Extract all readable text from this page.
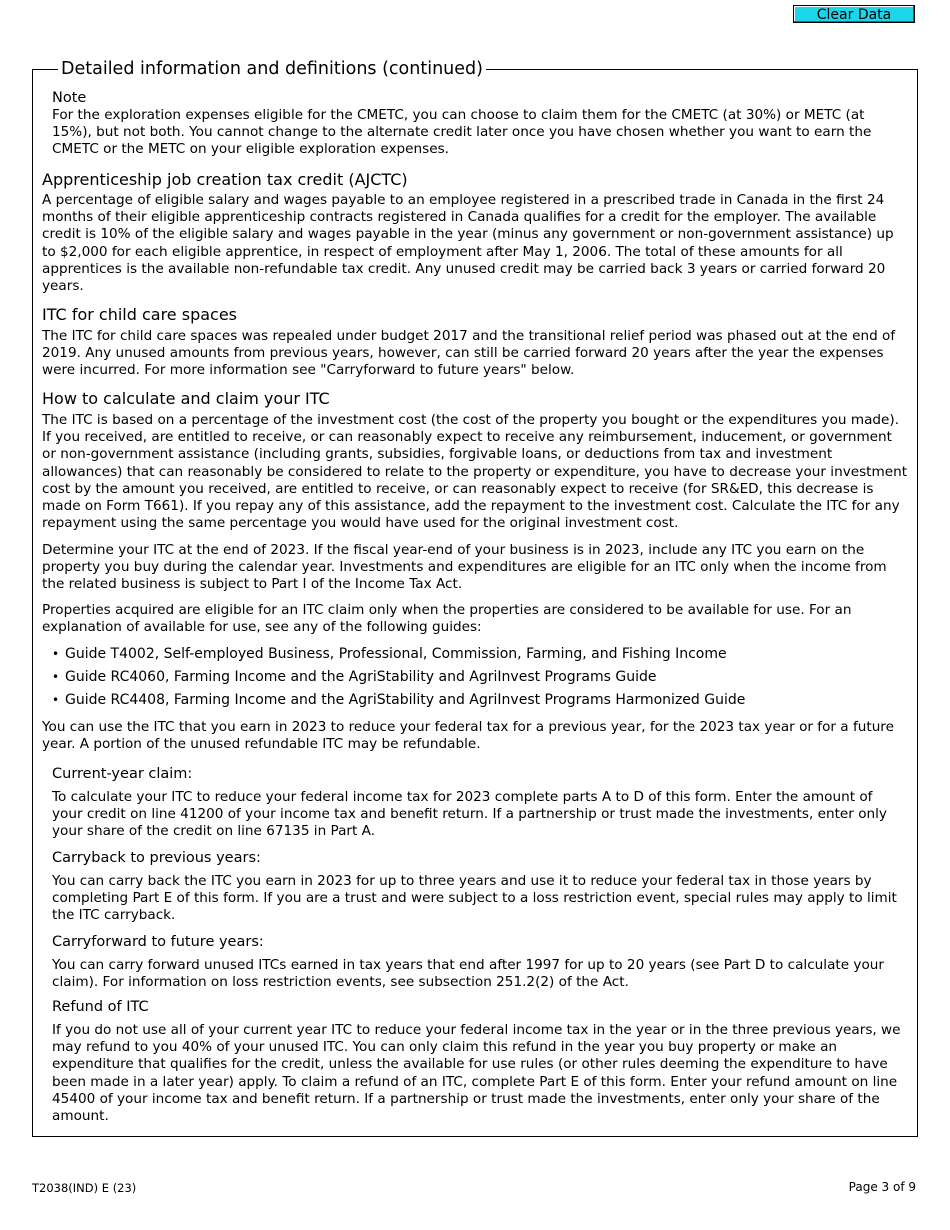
Clear Data
Detailed information and definitions (continued)
Note

For the exploration expenses eligible for the CMETC, you can choose to claim them for the CMETC (at 30%) or METC (at 15%), but not both. You cannot change to the alternate credit later once you have chosen whether you want to earn the CMETC or the METC on your eligible exploration expenses.

Apprenticeship job creation tax credit (AJCTC)

A percentage of eligible salary and wages payable to an employee registered in a prescribed trade in Canada in the first 24 months of their eligible apprenticeship contracts registered in Canada qualifies for a credit for the employer. The available credit is 10% of the eligible salary and wages payable in the year (minus any government or non-government assistance) up to $2,000 for each eligible apprentice, in respect of employment after May 1, 2006. The total of these amounts for all apprentices is the available non-refundable tax credit. Any unused credit may be carried back 3 years or carried forward 20 years.

ITC for child care spaces

The ITC for child care spaces was repealed under budget 2017 and the transitional relief period was phased out at the end of 2019. Any unused amounts from previous years, however, can still be carried forward 20 years after the year the expenses were incurred. For more information see "Carryforward to future years" below.

How to calculate and claim your ITC

The ITC is based on a percentage of the investment cost (the cost of the property you bought or the expenditures you made). If you received, are entitled to receive, or can reasonably expect to receive any reimbursement, inducement, or government or non-government assistance (including grants, subsidies, forgivable loans, or deductions from tax and investment allowances) that can reasonably be considered to relate to the property or expenditure, you have to decrease your investment cost by the amount you received, are entitled to receive, or can reasonably expect to receive (for SR&ED, this decrease is made on Form T661). If you repay any of this assistance, add the repayment to the investment cost. Calculate the ITC for any repayment using the same percentage you would have used for the original investment cost.

Determine your ITC at the end of 2023. If the fiscal year-end of your business is in 2023, include any ITC you earn on the property you buy during the calendar year. Investments and expenditures are eligible for an ITC only when the income from the related business is subject to Part I of the Income Tax Act.

Properties acquired are eligible for an ITC claim only when the properties are considered to be available for use. For an explanation of available for use, see any of the following guides:

• Guide T4002, Self-employed Business, Professional, Commission, Farming, and Fishing Income
• Guide RC4060, Farming Income and the AgriStability and AgriInvest Programs Guide
• Guide RC4408, Farming Income and the AgriStability and AgriInvest Programs Harmonized Guide

You can use the ITC that you earn in 2023 to reduce your federal tax for a previous year, for the 2023 tax year or for a future year. A portion of the unused refundable ITC may be refundable.

Current-year claim:

To calculate your ITC to reduce your federal income tax for 2023 complete parts A to D of this form. Enter the amount of your credit on line 41200 of your income tax and benefit return. If a partnership or trust made the investments, enter only your share of the credit on line 67135 in Part A.

Carryback to previous years:

You can carry back the ITC you earn in 2023 for up to three years and use it to reduce your federal tax in those years by completing Part E of this form. If you are a trust and were subject to a loss restriction event, special rules may apply to limit the ITC carryback.

Carryforward to future years:

You can carry forward unused ITCs earned in tax years that end after 1997 for up to 20 years (see Part D to calculate your claim). For information on loss restriction events, see subsection 251.2(2) of the Act.

Refund of ITC

If you do not use all of your current year ITC to reduce your federal income tax in the year or in the three previous years, we may refund to you 40% of your unused ITC. You can only claim this refund in the year you buy property or make an expenditure that qualifies for the credit, unless the available for use rules (or other rules deeming the expenditure to have been made in a later year) apply. To claim a refund of an ITC, complete Part E of this form. Enter your refund amount on line 45400 of your income tax and benefit return. If a partnership or trust made the investments, enter only your share of the amount.

T2038(IND) E (23)	Page 3 of 9
